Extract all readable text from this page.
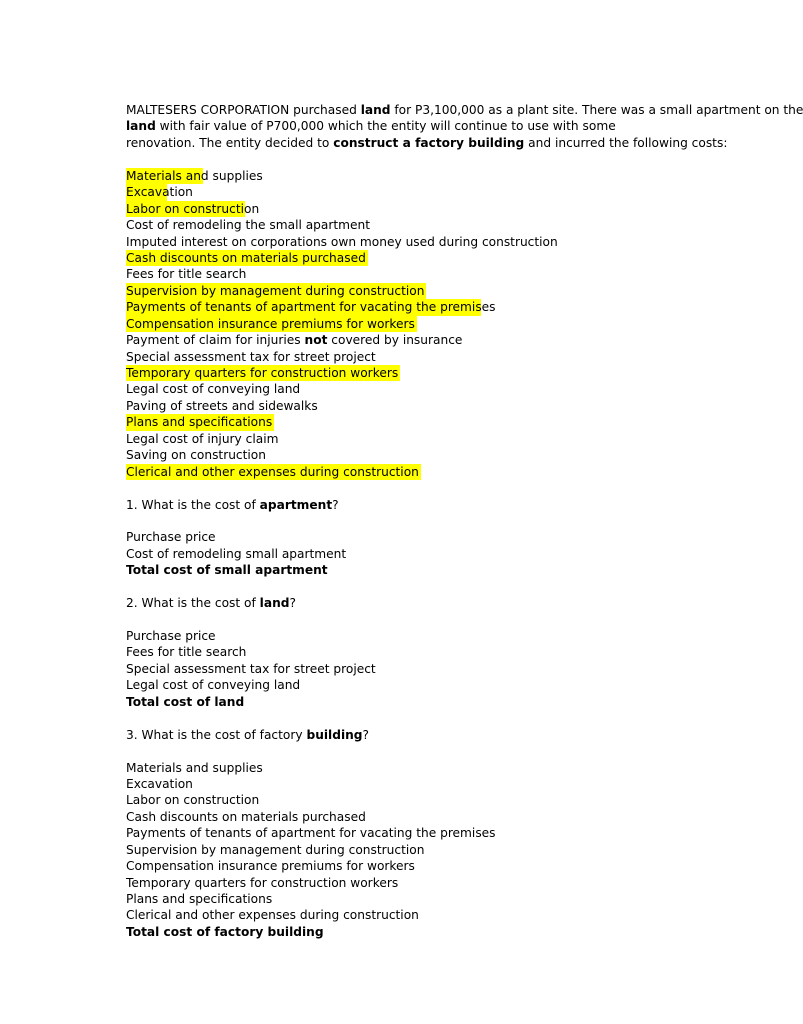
MALTESERS CORPORATION purchased land for P3,100,000 as a plant site. There was a small apartment on the
land with fair value of P700,000 which the entity will continue to use with some
renovation. The entity decided to construct a factory building and incurred the following costs:
Materials and supplies
Excavation
Labor on construction
Cost of remodeling the small apartment
Imputed interest on corporations own money used during construction
Cash discounts on materials purchased
Fees for title search
Supervision by management during construction
Payments of tenants of apartment for vacating the premises
Compensation insurance premiums for workers
Payment of claim for injuries not covered by insurance
Special assessment tax for street project
Temporary quarters for construction workers
Legal cost of conveying land
Paving of streets and sidewalks
Plans and specifications
Legal cost of injury claim
Saving on construction
Clerical and other expenses during construction
1. What is the cost of apartment?
Purchase price
Cost of remodeling small apartment
Total cost of small apartment
2. What is the cost of land?
Purchase price
Fees for title search
Special assessment tax for street project
Legal cost of conveying land
Total cost of land
3. What is the cost of factory building?
Materials and supplies
Excavation
Labor on construction
Cash discounts on materials purchased
Payments of tenants of apartment for vacating the premises
Supervision by management during construction
Compensation insurance premiums for workers
Temporary quarters for construction workers
Plans and specifications
Clerical and other expenses during construction
Total cost of factory building
